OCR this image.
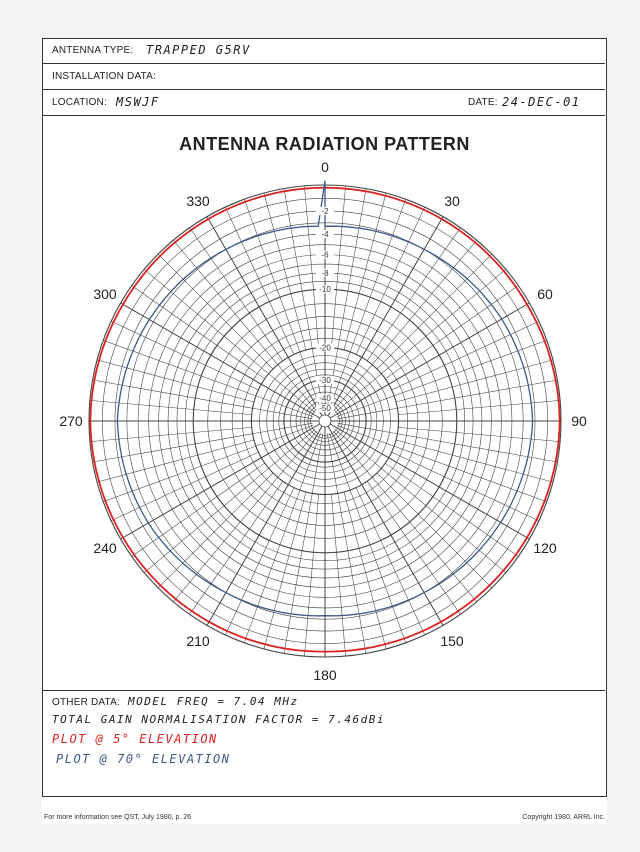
ANTENNA TYPE: TRAPPED G5RV
INSTALLATION DATA:
LOCATION: MSWJF	DATE: 24-DEC-01
ANTENNA RADIATION PATTERN
OTHER DATA: MODEL FREQ = 7.04 MHz
TOTAL GAIN NORMALISATION FACTOR = 7.46dBi
PLOT @ 5° ELEVATION
PLOT @ 70° ELEVATION
For more information see QST, July 1980, p. 26	Copyright 1980, ARRL Inc.
0
30
60
90
120
150
180
210
240
270
300
330
-2
-4
-6
-8
-10
-20
-30
-40
-50
